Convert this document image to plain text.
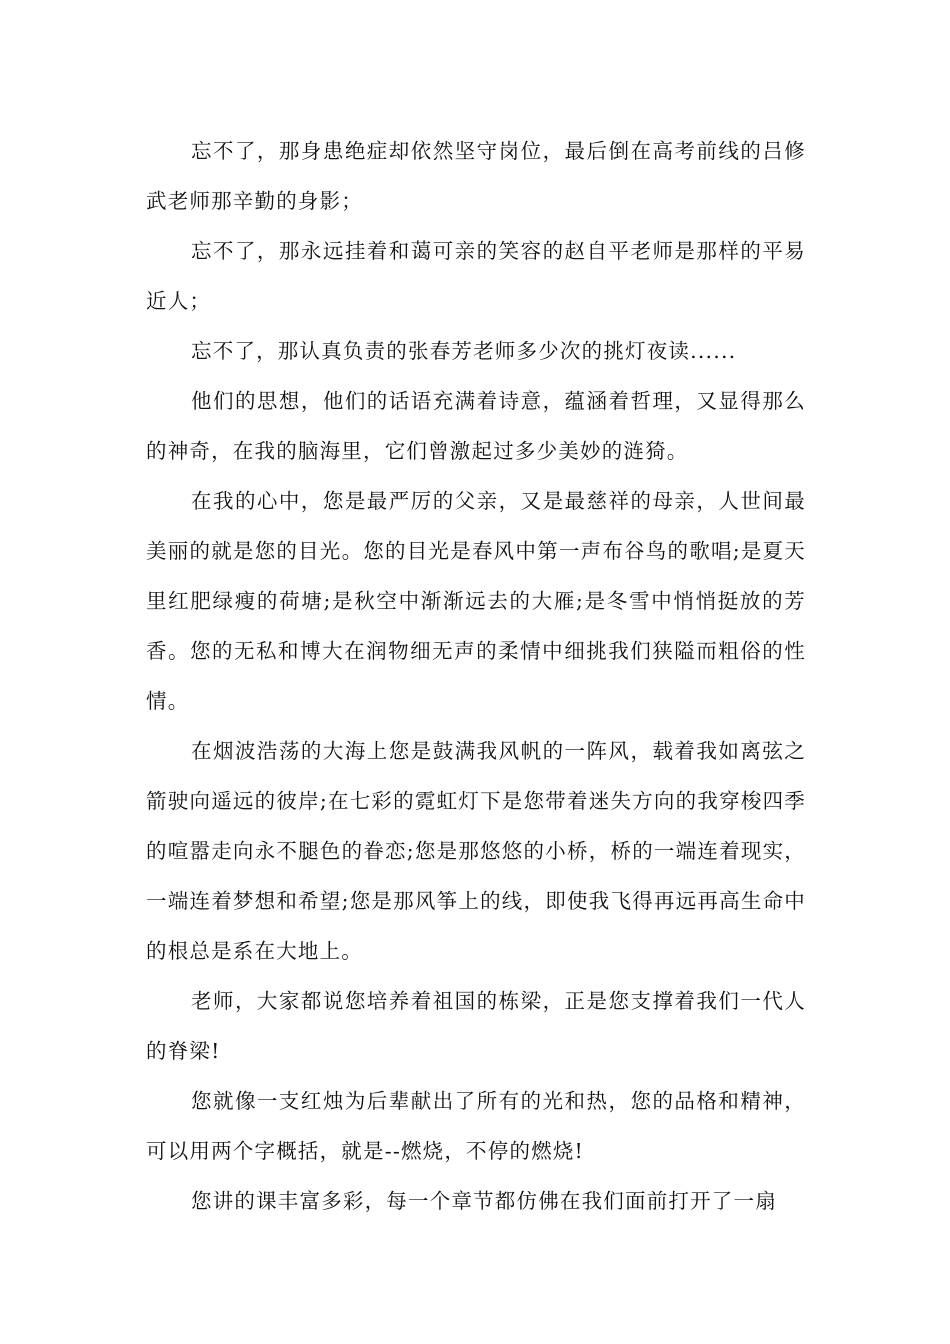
忘不了，那身患绝症却依然坚守岗位，最后倒在高考前线的吕修武老师那辛勤的身影；

忘不了，那永远挂着和蔼可亲的笑容的赵自平老师是那样的平易近人；

忘不了，那认真负责的张春芳老师多少次的挑灯夜读......

他们的思想，他们的话语充满着诗意，蕴涵着哲理，又显得那么的神奇，在我的脑海里，它们曾激起过多少美妙的涟猗。

在我的心中，您是最严厉的父亲，又是最慈祥的母亲，人世间最美丽的就是您的目光。您的目光是春风中第一声布谷鸟的歌唱;是夏天里红肥绿瘦的荷塘;是秋空中渐渐远去的大雁;是冬雪中悄悄挺放的芳香。您的无私和博大在润物细无声的柔情中细挑我们狭隘而粗俗的性情。

在烟波浩荡的大海上您是鼓满我风帆的一阵风，载着我如离弦之箭驶向遥远的彼岸;在七彩的霓虹灯下是您带着迷失方向的我穿梭四季的喧嚣走向永不腿色的眷恋;您是那悠悠的小桥，桥的一端连着现实，一端连着梦想和希望;您是那风筝上的线，即使我飞得再远再高生命中的根总是系在大地上。

老师，大家都说您培养着祖国的栋梁，正是您支撑着我们一代人的脊梁!

您就像一支红烛为后辈献出了所有的光和热，您的品格和精神，可以用两个字概括，就是--燃烧，不停的燃烧!

您讲的课丰富多彩，每一个章节都仿佛在我们面前打开了一扇
